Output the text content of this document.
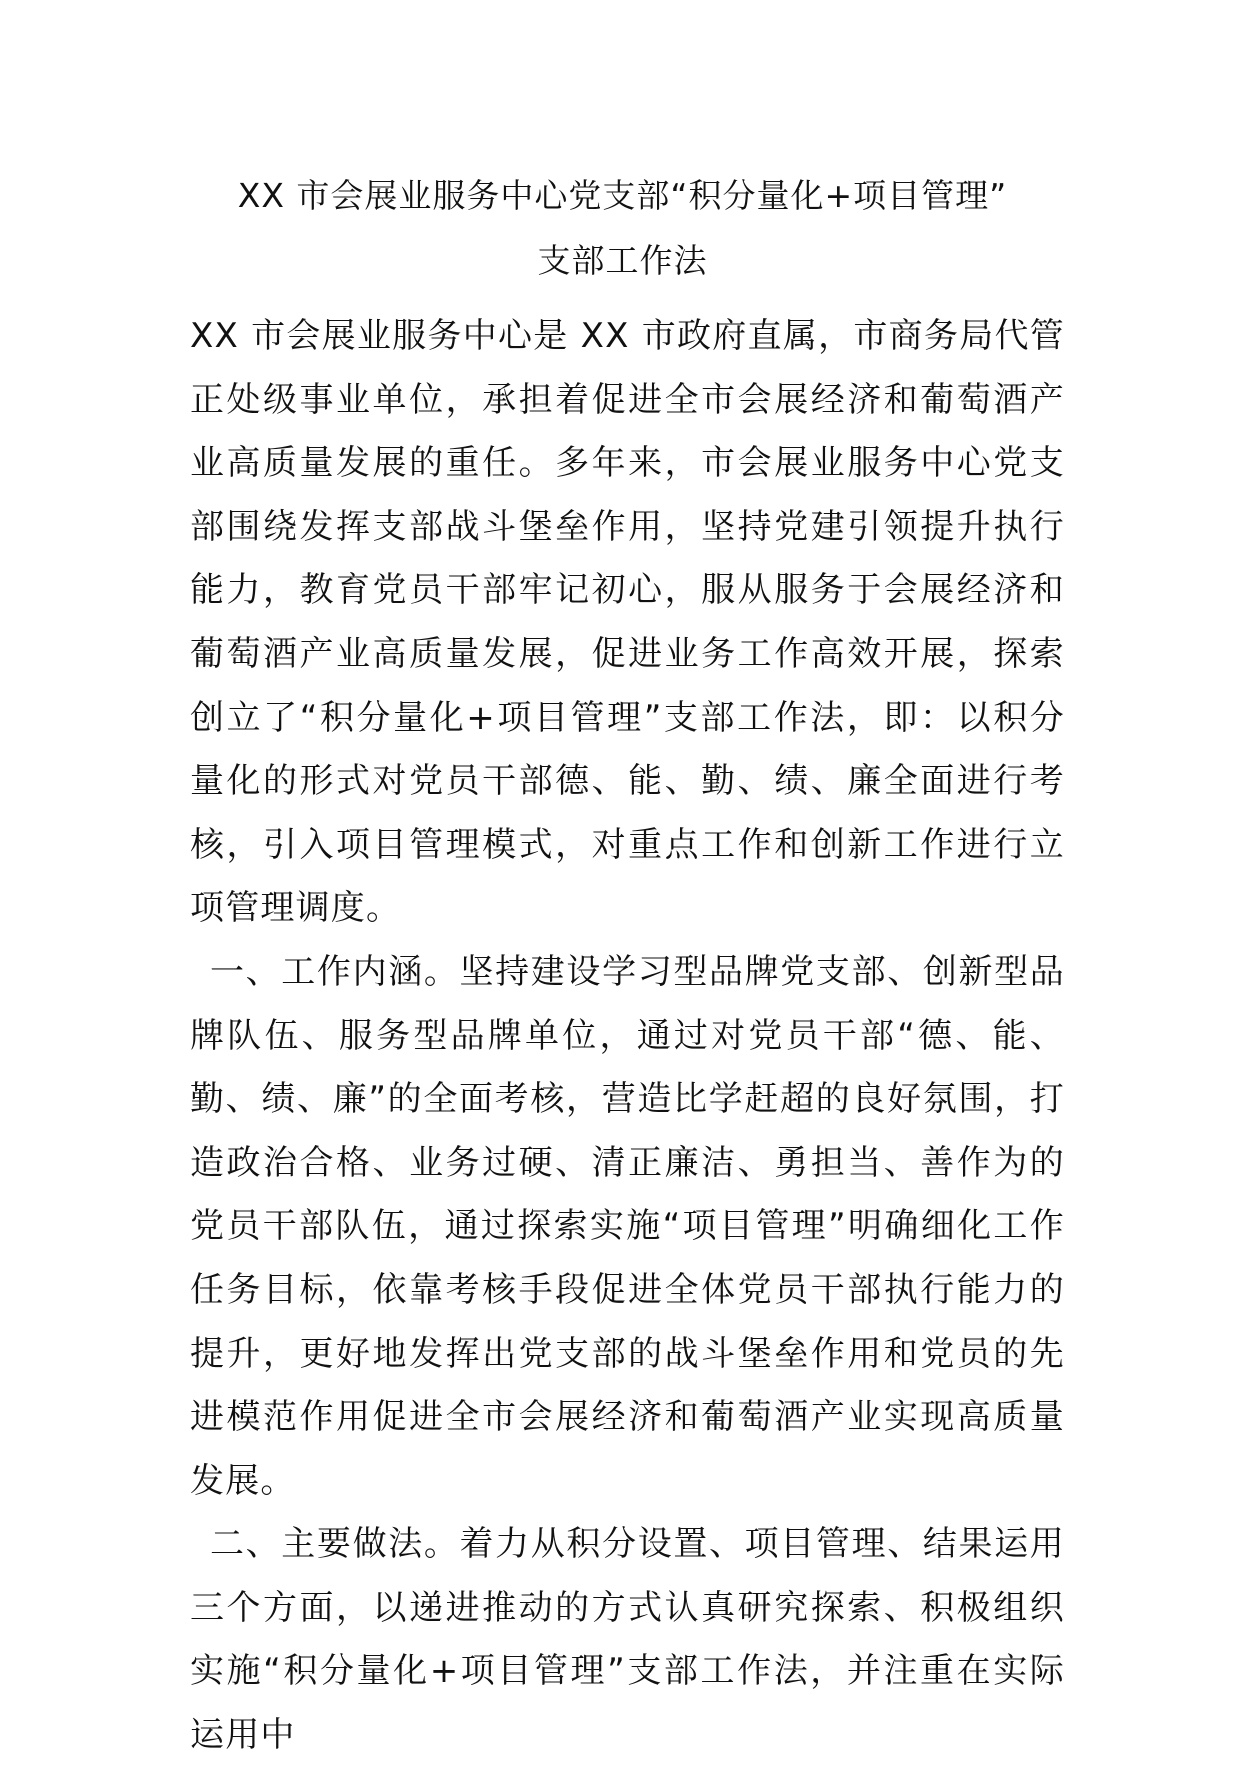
XX 市会展业服务中心党支部“积分量化+项目管理”
支部工作法

XX 市会展业服务中心是 XX 市政府直属，市商务局代管正处级事业单位，承担着促进全市会展经济和葡萄酒产业高质量发展的重任。多年来，市会展业服务中心党支部围绕发挥支部战斗堡垒作用，坚持党建引领提升执行能力，教育党员干部牢记初心，服从服务于会展经济和葡萄酒产业高质量发展，促进业务工作高效开展，探索创立了“积分量化+项目管理”支部工作法，即：以积分量化的形式对党员干部德、能、勤、绩、廉全面进行考核，引入项目管理模式，对重点工作和创新工作进行立项管理调度。

一、工作内涵。坚持建设学习型品牌党支部、创新型品牌队伍、服务型品牌单位，通过对党员干部“德、能、勤、绩、廉”的全面考核，营造比学赶超的良好氛围，打造政治合格、业务过硬、清正廉洁、勇担当、善作为的党员干部队伍，通过探索实施“项目管理”明确细化工作任务目标，依靠考核手段促进全体党员干部执行能力的提升，更好地发挥出党支部的战斗堡垒作用和党员的先进模范作用促进全市会展经济和葡萄酒产业实现高质量发展。

二、主要做法。着力从积分设置、项目管理、结果运用三个方面，以递进推动的方式认真研究探索、积极组织实施“积分量化+项目管理”支部工作法，并注重在实际运用中
